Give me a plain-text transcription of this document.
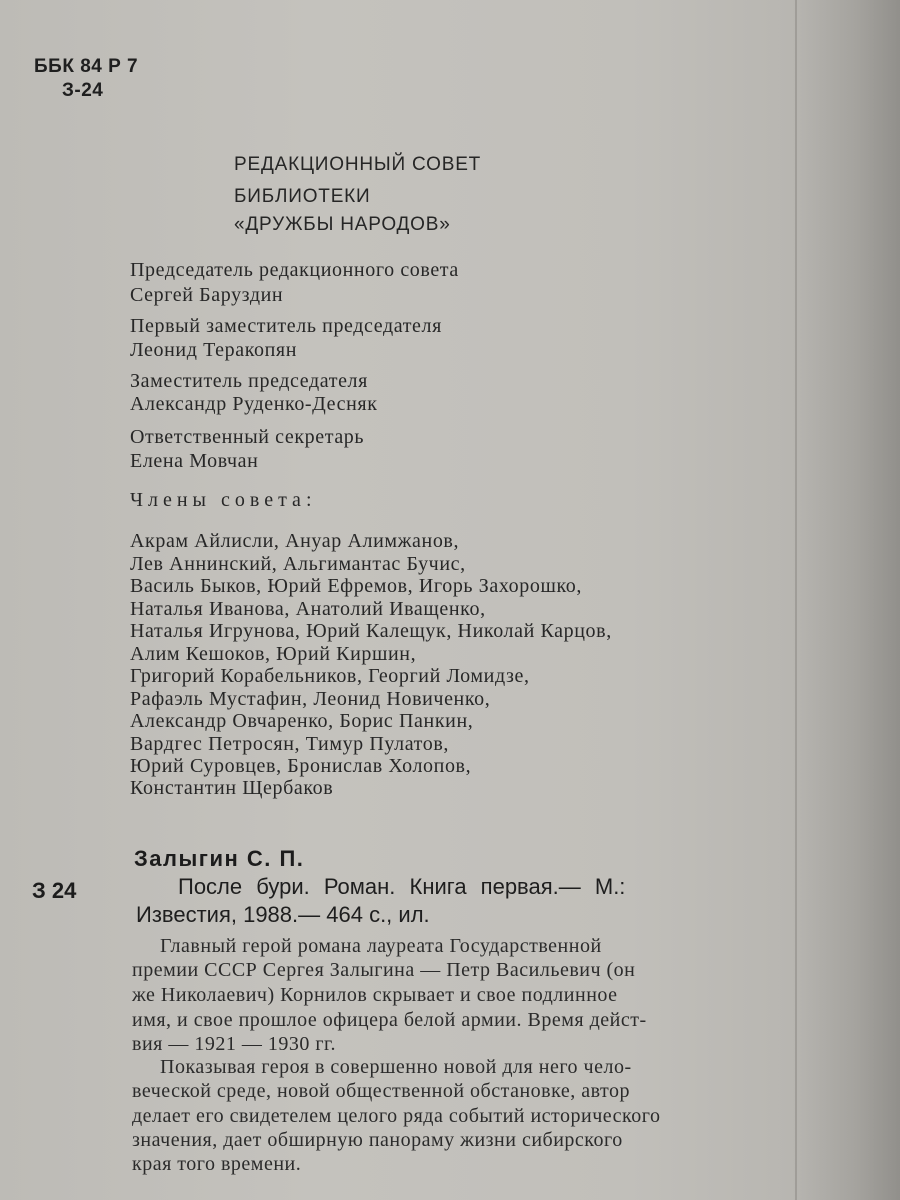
ББК 84 Р 7

З-24

РЕДАКЦИОННЫЙ СОВЕТ

БИБЛИОТЕКИ

«ДРУЖБЫ НАРОДОВ»

Председатель редакционного совета

Сергей Баруздин

Первый заместитель председателя

Леонид Теракопян

Заместитель председателя

Александр Руденко-Десняк

Ответственный секретарь

Елена Мовчан

Члены совета:

Акрам Айлисли, Ануар Алимжанов,

Лев Аннинский, Альгимантас Бучис,

Василь Быков, Юрий Ефремов, Игорь Захорошко,

Наталья Иванова, Анатолий Иващенко,

Наталья Игрунова, Юрий Калещук, Николай Карцов,

Алим Кешоков, Юрий Киршин,

Григорий Корабельников, Георгий Ломидзе,

Рафаэль Мустафин, Леонид Новиченко,

Александр Овчаренко, Борис Панкин,

Вардгес Петросян, Тимур Пулатов,

Юрий Суровцев, Бронислав Холопов,

Константин Щербаков

Залыгин С. П.

З 24	После бури. Роман. Книга первая.— М.:

Известия, 1988.— 464 с., ил.

Главный герой романа лауреата Государственной

премии СССР Сергея Залыгина — Петр Васильевич (он

же Николаевич) Корнилов скрывает и свое подлинное

имя, и свое прошлое офицера белой армии. Время дейст-

вия — 1921 — 1930 гг.

Показывая героя в совершенно новой для него чело-

веческой среде, новой общественной обстановке, автор

делает его свидетелем целого ряда событий исторического

значения, дает обширную панораму жизни сибирского

края того времени.
